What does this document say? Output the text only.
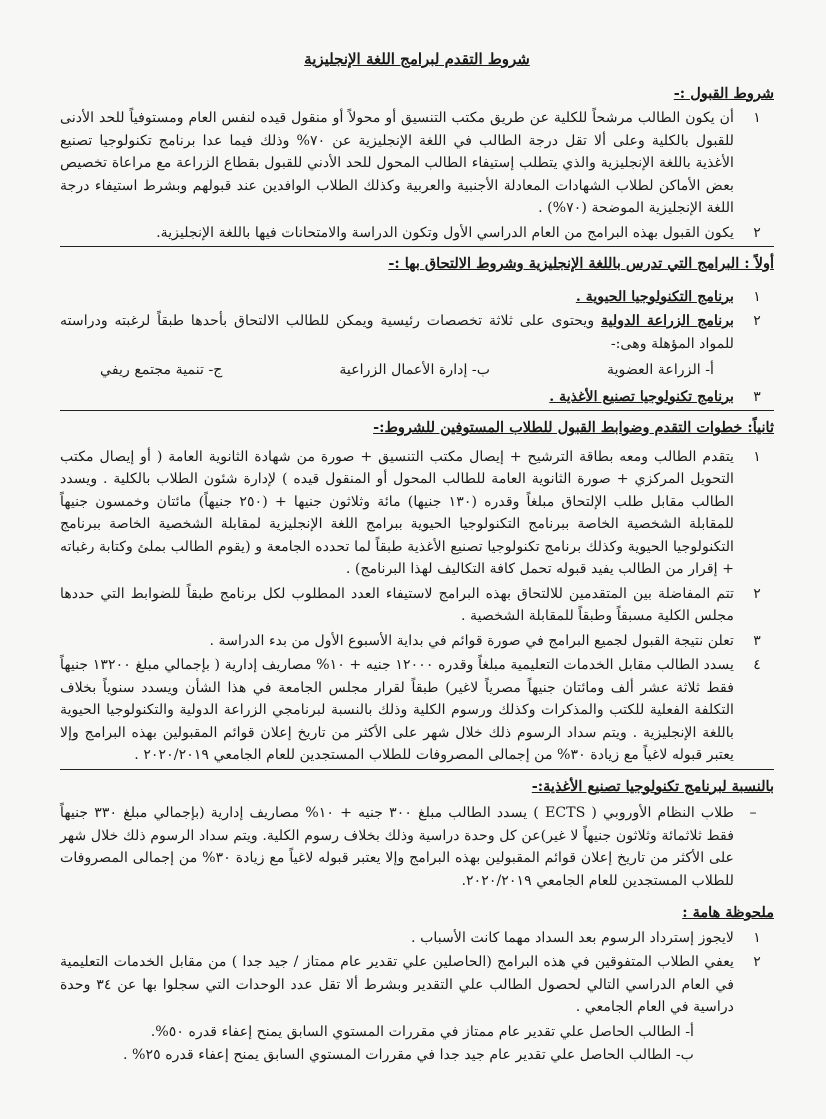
شروط التقدم لبرامج اللغة الإنجليزية
شروط القبول :-
١
أن يكون الطالب مرشحاً للكلية عن طريق مكتب التنسيق أو محولاً أو منقول قيده لنفس العام ومستوفياً للحد الأدنى للقبول بالكلية وعلى ألا تقل درجة الطالب في اللغة الإنجليزية عن ٧٠% وذلك فيما عدا برنامج تكنولوجيا تصنيع الأغذية باللغة الإنجليزية والذي يتطلب إستيفاء الطالب المحول للحد الأدني للقبول بقطاع الزراعة مع مراعاة تخصيص بعض الأماكن لطلاب الشهادات المعادلة الأجنبية والعربية وكذلك الطلاب الوافدين عند قبولهم وبشرط استيفاء درجة اللغة الإنجليزية الموضحة (٧٠%) .
٢
يكون القبول بهذه البرامج من العام الدراسي الأول وتكون الدراسة والامتحانات فيها باللغة الإنجليزية.
أولاً : البرامج التي تدرس باللغة الإنجليزية وشروط الالتحاق بها :-
١
برنامج التكنولوجيا الحيوية .
٢
برنامج الزراعة الدولية ويحتوى على ثلاثة تخصصات رئيسية ويمكن للطالب الالتحاق بأحدها طبقاً لرغبته ودراسته للمواد المؤهلة وهى:-
أ- الزراعة العضوية
ب- إدارة الأعمال الزراعية
ج- تنمية مجتمع ريفي
٣
برنامج تكنولوجيا تصنيع الأغذية .
ثانياً: خطوات التقدم وضوابط القبول للطلاب المستوفين للشروط:-
١
يتقدم الطالب ومعه بطاقة الترشيح + إيصال مكتب التنسيق + صورة من شهادة الثانوية العامة ( أو إيصال مكتب التحويل المركزي + صورة الثانوية العامة للطالب المحول أو المنقول قيده ) لإدارة شئون الطلاب بالكلية . ويسدد الطالب مقابل طلب الإلتحاق مبلغاً وقدره (١٣٠ جنيها) مائة وثلاثون جنيها + (٢٥٠ جنيهاً) مائتان وخمسون جنيهاً للمقابلة الشخصية الخاصة ببرنامج التكنولوجيا الحيوية ببرامج اللغة الإنجليزية لمقابلة الشخصية الخاصة ببرنامج التكنولوجيا الحيوية وكذلك برنامج تكنولوجيا تصنيع الأغذية طبقاً لما تحدده الجامعة و (يقوم الطالب بملئ وكتابة رغباته + إقرار من الطالب يفيد قبوله تحمل كافة التكاليف لهذا البرنامج) .
٢
تتم المفاضلة بين المتقدمين للالتحاق بهذه البرامج لاستيفاء العدد المطلوب لكل برنامج طبقاً للضوابط التي حددها مجلس الكلية مسبقاً وطبقاً للمقابلة الشخصية .
٣
تعلن نتيجة القبول لجميع البرامج في صورة قوائم في بداية الأسبوع الأول من بدء الدراسة .
٤
يسدد الطالب مقابل الخدمات التعليمية مبلغاً وقدره ١٢٠٠٠ جنيه + ١٠% مصاريف إدارية ( بإجمالي مبلغ ١٣٢٠٠ جنيهاً فقط ثلاثة عشر ألف ومائتان جنيهاً مصرياً لاغير) طبقاً لقرار مجلس الجامعة في هذا الشأن ويسدد سنوياً بخلاف التكلفة الفعلية للكتب والمذكرات وكذلك ورسوم الكلية وذلك بالنسبة لبرنامجي الزراعة الدولية والتكنولوجيا الحيوية باللغة الإنجليزية . ويتم سداد الرسوم ذلك خلال شهر على الأكثر من تاريخ إعلان قوائم المقبولين بهذه البرامج وإلا يعتبر قبوله لاغياً مع زيادة ٣٠% من إجمالى المصروفات للطلاب المستجدين للعام الجامعي ٢٠٢٠/٢٠١٩ .
بالنسبة لبرنامج تكنولوجيا تصنيع الأغذية:-
–
طلاب النظام الأوروبي ( ECTS ) يسدد الطالب مبلغ ٣٠٠ جنيه + ١٠% مصاريف إدارية (بإجمالي مبلغ ٣٣٠ جنيهاً فقط ثلاثمائة وثلاثون جنيهاً لا غير)عن كل وحدة دراسية وذلك بخلاف رسوم الكلية. ويتم سداد الرسوم ذلك خلال شهر على الأكثر من تاريخ إعلان قوائم المقبولين بهذه البرامج وإلا يعتبر قبوله لاغياً مع زيادة ٣٠% من إجمالى المصروفات للطلاب المستجدين للعام الجامعي ٢٠٢٠/٢٠١٩.
ملحوظة هامة :
١
لايجوز إسترداد الرسوم بعد السداد مهما كانت الأسباب .
٢
يعفي الطلاب المتفوقين في هذه البرامج (الحاصلين علي تقدير عام ممتاز / جيد جدا ) من مقابل الخدمات التعليمية في العام الدراسي التالي لحصول الطالب علي التقدير وبشرط ألا تقل عدد الوحدات التي سجلوا بها عن ٣٤ وحدة دراسية في العام الجامعي .
أ- الطالب الحاصل علي تقدير عام ممتاز في مقررات المستوي السابق يمنح إعفاء قدره ٥٠%.
ب- الطالب الحاصل علي تقدير عام جيد جدا في مقررات المستوي السابق يمنح إعفاء قدره ٢٥% .
